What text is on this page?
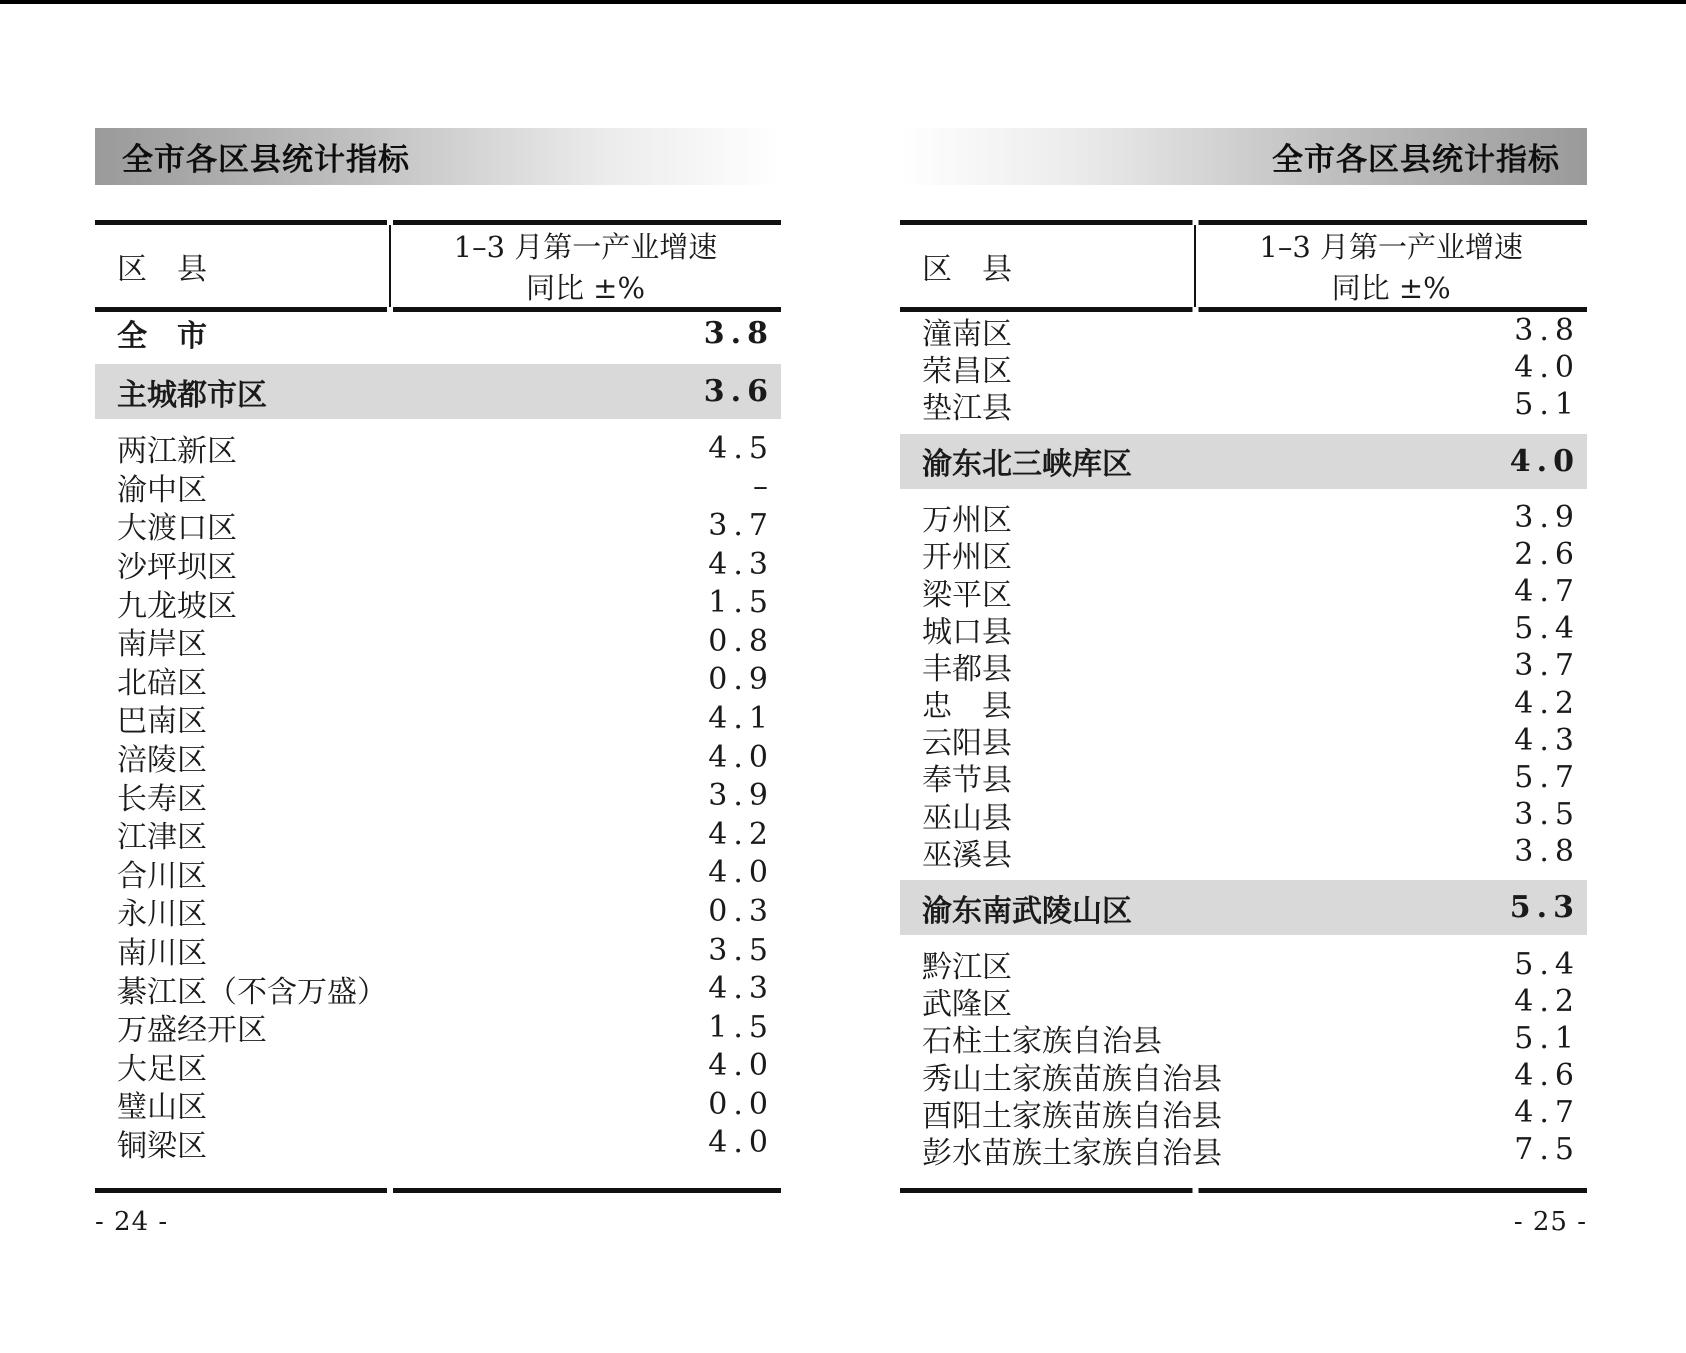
全市各区县统计指标
区　县
1–3 月第一产业增速
同比 ±%
全　市	3.8
主城都市区	3.6
两江新区	4.5
渝中区	–
大渡口区	3.7
沙坪坝区	4.3
九龙坡区	1.5
南岸区	0.8
北碚区	0.9
巴南区	4.1
涪陵区	4.0
长寿区	3.9
江津区	4.2
合川区	4.0
永川区	0.3
南川区	3.5
綦江区（不含万盛）	4.3
万盛经开区	1.5
大足区	4.0
璧山区	0.0
铜梁区	4.0
- 24 -
全市各区县统计指标
区　县
1–3 月第一产业增速
同比 ±%
潼南区	3.8
荣昌区	4.0
垫江县	5.1
渝东北三峡库区	4.0
万州区	3.9
开州区	2.6
梁平区	4.7
城口县	5.4
丰都县	3.7
忠　县	4.2
云阳县	4.3
奉节县	5.7
巫山县	3.5
巫溪县	3.8
渝东南武陵山区	5.3
黔江区	5.4
武隆区	4.2
石柱土家族自治县	5.1
秀山土家族苗族自治县	4.6
酉阳土家族苗族自治县	4.7
彭水苗族土家族自治县	7.5
- 25 -
